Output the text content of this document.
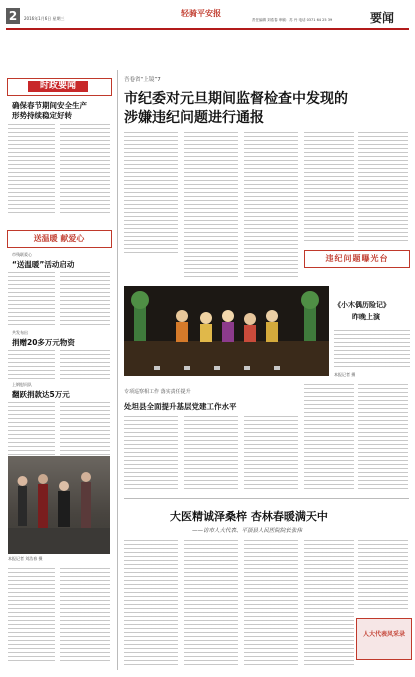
2	2016年1月6日 星期三
轻骑平安报
责任编辑 刘浩春 审稿：苏 丹 电话 0371 64 25 39	要闻
时政要闻
确保春节期间安全生产
形势持续稳定好转
送温暖 献爱心
市残联爱心
“送温暖”活动启动
共发布出
捐赠20多万元物资
上钢慰问队
翻跃捐款达5万元
本报记者 刘浩春 摄
吾卷省“上镜”7
市纪委对元旦期间监督检查中发现的
涉嫌违纪问题进行通报
违纪问题曝光台
《小木偶历险记》
昨晚上演
本报记者 摄
专项巡察相工作 落实责任提升
处坦县全面提升基层党建工作水平
大医精诚泽桑梓 杏林春暖满天中
——访市人大代表、平顶县人民医院院长张伟
人大代表风采录
